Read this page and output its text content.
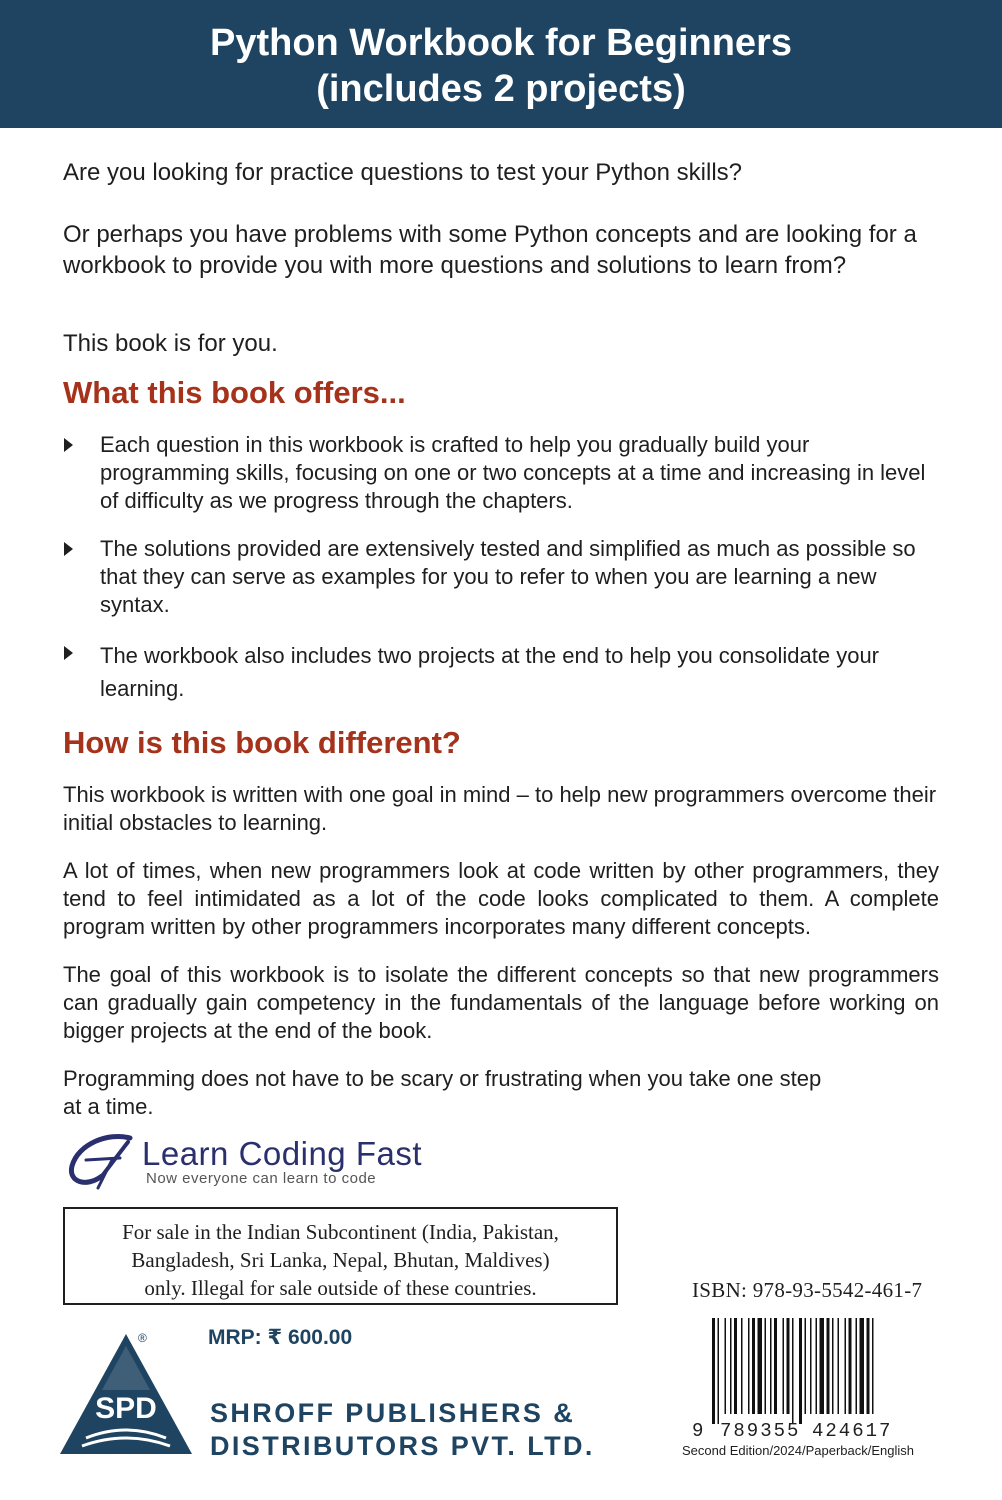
Python Workbook for Beginners
(includes 2 projects)
Are you looking for practice questions to test your Python skills?
Or perhaps you have problems with some Python concepts and are looking for a workbook to provide you with more questions and solutions to learn from?
This book is for you.
What this book offers...
Each question in this workbook is crafted to help you gradually build your programming skills, focusing on one or two concepts at a time and increasing in level of difficulty as we progress through the chapters.
The solutions provided are extensively tested and simplified as much as possible so that they can serve as examples for you to refer to when you are learning a new syntax.
The workbook also includes two projects at the end to help you consolidate your learning.
How is this book different?
This workbook is written with one goal in mind – to help new programmers overcome their initial obstacles to learning.
A lot of times, when new programmers look at code written by other programmers, they tend to feel intimidated as a lot of the code looks complicated to them. A complete program written by other programmers incorporates many different concepts.
The goal of this workbook is to isolate the different concepts so that new programmers can gradually gain competency in the fundamentals of the language before working on bigger projects at the end of the book.
Programming does not have to be scary or frustrating when you take one step at a time.
Learn Coding Fast
Now everyone can learn to code
For sale in the Indian Subcontinent (India, Pakistan,
Bangladesh, Sri Lanka, Nepal, Bhutan, Maldives)
only. Illegal for sale outside of these countries.	ISBN: 978-93-5542-461-7
SPD
®	MRP: ₹ 600.00
SHROFF PUBLISHERS &
DISTRIBUTORS PVT. LTD.	9 789355 424617
Second Edition/2024/Paperback/English
